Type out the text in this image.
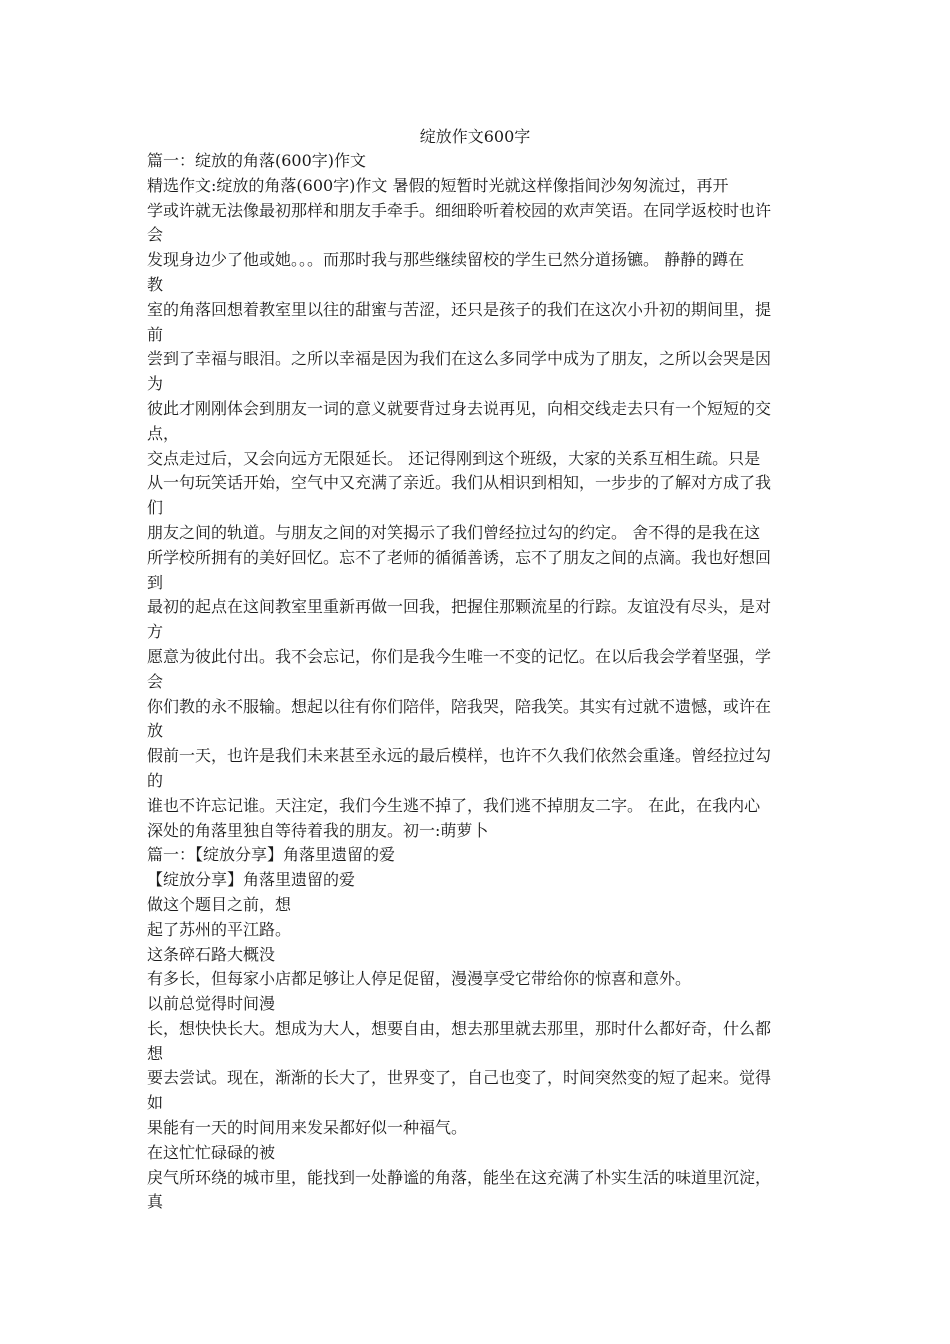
绽放作文600字
篇一：绽放的角落(600字)作文
精选作文:绽放的角落(600字)作文 暑假的短暂时光就这样像指间沙匆匆流过，再开
学或许就无法像最初那样和朋友手牵手。细细聆听着校园的欢声笑语。在同学返校时也许
会
发现身边少了他或她。。。而那时我与那些继续留校的学生已然分道扬镳。 静静的蹲在
教
室的角落回想着教室里以往的甜蜜与苦涩，还只是孩子的我们在这次小升初的期间里，提
前
尝到了幸福与眼泪。之所以幸福是因为我们在这么多同学中成为了朋友，之所以会哭是因
为
彼此才刚刚体会到朋友一词的意义就要背过身去说再见，向相交线走去只有一个短短的交
点，
交点走过后，又会向远方无限延长。 还记得刚到这个班级，大家的关系互相生疏。只是
从一句玩笑话开始，空气中又充满了亲近。我们从相识到相知，一步步的了解对方成了我
们
朋友之间的轨道。与朋友之间的对笑揭示了我们曾经拉过勾的约定。 舍不得的是我在这
所学校所拥有的美好回忆。忘不了老师的循循善诱，忘不了朋友之间的点滴。我也好想回
到
最初的起点在这间教室里重新再做一回我，把握住那颗流星的行踪。友谊没有尽头，是对
方
愿意为彼此付出。我不会忘记，你们是我今生唯一不变的记忆。在以后我会学着坚强，学
会
你们教的永不服输。想起以往有你们陪伴，陪我哭，陪我笑。其实有过就不遗憾，或许在
放
假前一天，也许是我们未来甚至永远的最后模样，也许不久我们依然会重逢。曾经拉过勾
的
谁也不许忘记谁。天注定，我们今生逃不掉了，我们逃不掉朋友二字。 在此，在我内心
深处的角落里独自等待着我的朋友。初一:萌萝卜
篇一：【绽放分享】角落里遗留的爱
【绽放分享】角落里遗留的爱
做这个题目之前，想
起了苏州的平江路。
这条碎石路大概没
有多长，但每家小店都足够让人停足促留，漫漫享受它带给你的惊喜和意外。
以前总觉得时间漫
长，想快快长大。想成为大人，想要自由，想去那里就去那里，那时什么都好奇，什么都
想
要去尝试。现在，渐渐的长大了，世界变了，自己也变了，时间突然变的短了起来。觉得
如
果能有一天的时间用来发呆都好似一种福气。
在这忙忙碌碌的被
戾气所环绕的城市里，能找到一处静谧的角落，能坐在这充满了朴实生活的味道里沉淀，
真
